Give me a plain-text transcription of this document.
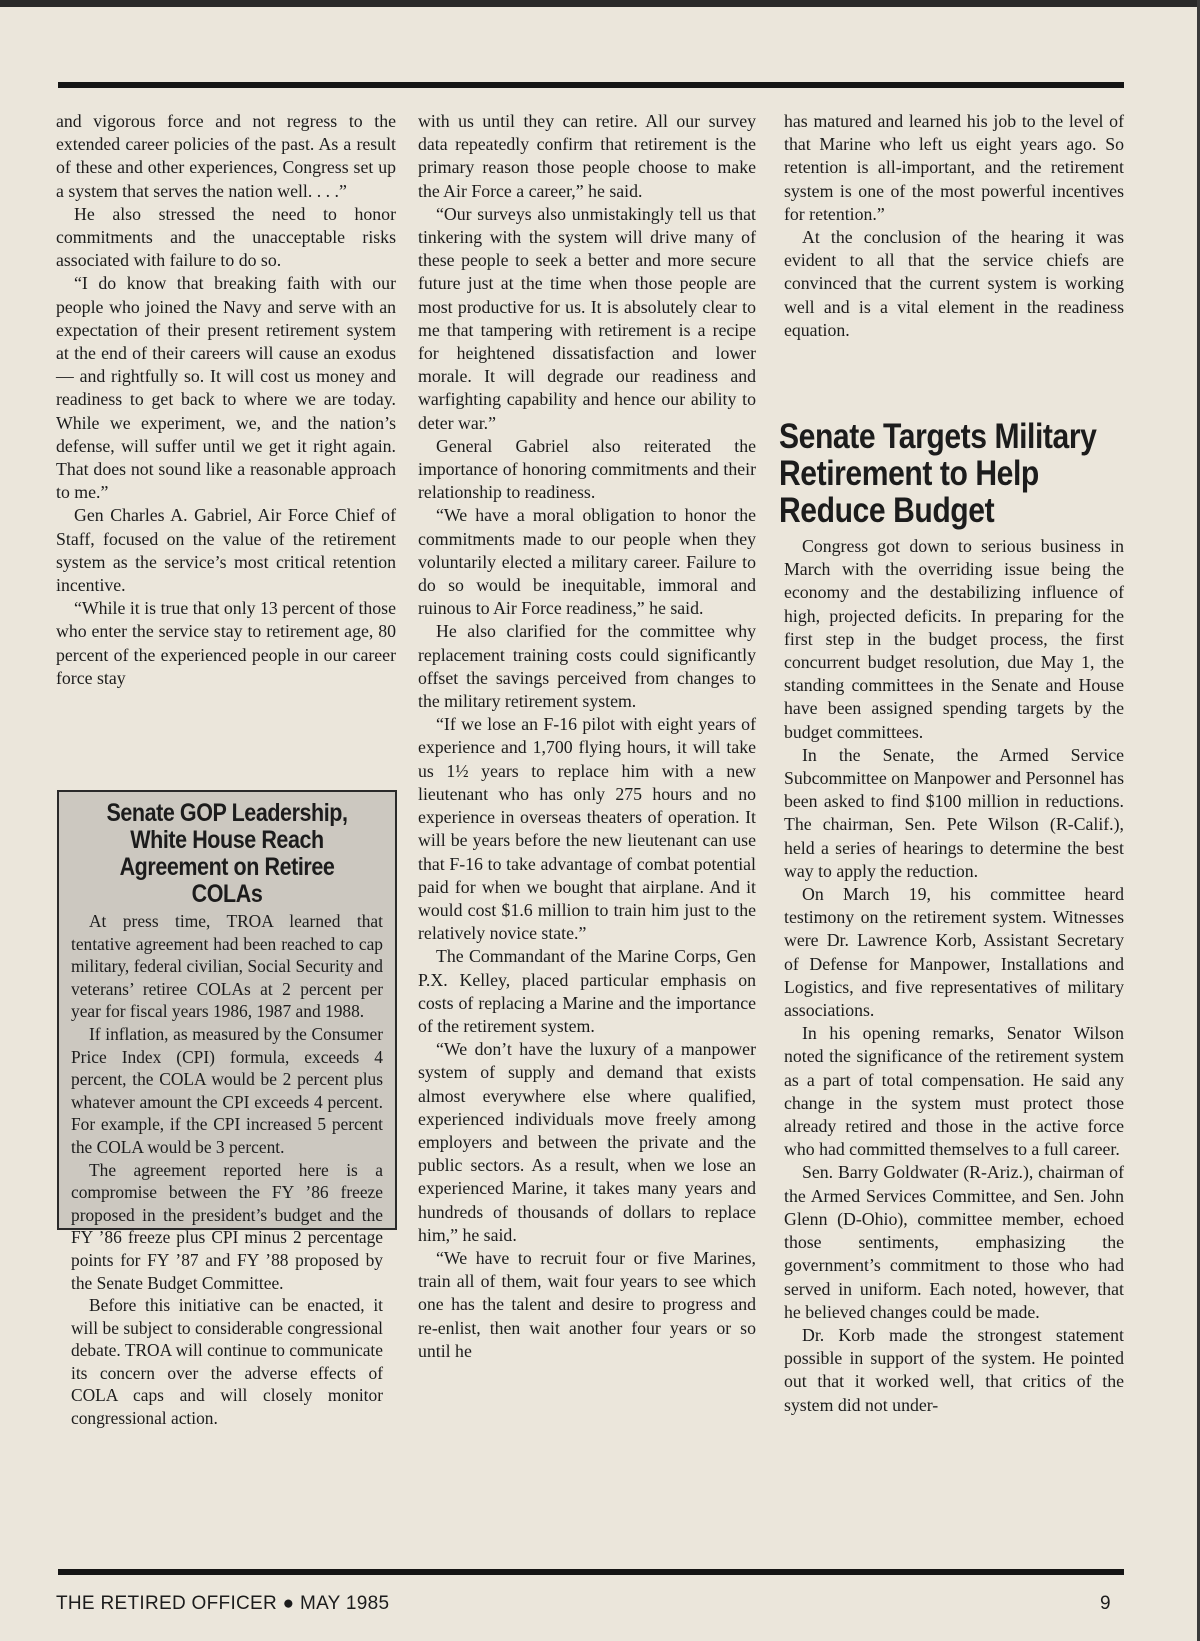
and vigorous force and not regress to the extended career policies of the past. As a result of these and other experiences, Congress set up a system that serves the nation well. . . .”

He also stressed the need to honor commitments and the unacceptable risks associated with failure to do so.

“I do know that breaking faith with our people who joined the Navy and serve with an expectation of their present retirement system at the end of their careers will cause an exodus— and rightfully so. It will cost us money and readiness to get back to where we are today. While we experiment, we, and the nation’s defense, will suffer until we get it right again. That does not sound like a reasonable approach to me.”

Gen Charles A. Gabriel, Air Force Chief of Staff, focused on the value of the retirement system as the service’s most critical retention incentive.

“While it is true that only 13 percent of those who enter the service stay to retirement age, 80 percent of the experienced people in our career force stay

Senate GOP Leadership, White House Reach Agreement on Retiree COLAs

At press time, TROA learned that tentative agreement had been reached to cap military, federal civilian, Social Security and veterans’ retiree COLAs at 2 percent per year for fiscal years 1986, 1987 and 1988.

If inflation, as measured by the Consumer Price Index (CPI) formula, exceeds 4 percent, the COLA would be 2 percent plus whatever amount the CPI exceeds 4 percent. For example, if the CPI increased 5 percent the COLA would be 3 percent.

The agreement reported here is a compromise between the FY ’86 freeze proposed in the president’s budget and the FY ’86 freeze plus CPI minus 2 percentage points for FY ’87 and FY ’88 proposed by the Senate Budget Committee.

Before this initiative can be enacted, it will be subject to considerable congressional debate. TROA will continue to communicate its concern over the adverse effects of COLA caps and will closely monitor congressional action.

with us until they can retire. All our survey data repeatedly confirm that retirement is the primary reason those people choose to make the Air Force a career,” he said.

“Our surveys also unmistakingly tell us that tinkering with the system will drive many of these people to seek a better and more secure future just at the time when those people are most productive for us. It is absolutely clear to me that tampering with retirement is a recipe for heightened dissatisfaction and lower morale. It will degrade our readiness and warfighting capability and hence our ability to deter war.”

General Gabriel also reiterated the importance of honoring commitments and their relationship to readiness.

“We have a moral obligation to honor the commitments made to our people when they voluntarily elected a military career. Failure to do so would be inequitable, immoral and ruinous to Air Force readiness,” he said.

He also clarified for the committee why replacement training costs could significantly offset the savings perceived from changes to the military retirement system.

“If we lose an F-16 pilot with eight years of experience and 1,700 flying hours, it will take us 1½ years to replace him with a new lieutenant who has only 275 hours and no experience in overseas theaters of operation. It will be years before the new lieutenant can use that F-16 to take advantage of combat potential paid for when we bought that airplane. And it would cost $1.6 million to train him just to the relatively novice state.”

The Commandant of the Marine Corps, Gen P.X. Kelley, placed particular emphasis on costs of replacing a Marine and the importance of the retirement system.

“We don’t have the luxury of a manpower system of supply and demand that exists almost everywhere else where qualified, experienced individuals move freely among employers and between the private and the public sectors. As a result, when we lose an experienced Marine, it takes many years and hundreds of thousands of dollars to replace him,” he said.

“We have to recruit four or five Marines, train all of them, wait four years to see which one has the talent and desire to progress and re-enlist, then wait another four years or so until he

has matured and learned his job to the level of that Marine who left us eight years ago. So retention is all-important, and the retirement system is one of the most powerful incentives for retention.”

At the conclusion of the hearing it was evident to all that the service chiefs are convinced that the current system is working well and is a vital element in the readiness equation.

Senate Targets Military Retirement to Help Reduce Budget

Congress got down to serious business in March with the overriding issue being the economy and the destabilizing influence of high, projected deficits. In preparing for the first step in the budget process, the first concurrent budget resolution, due May 1, the standing committees in the Senate and House have been assigned spending targets by the budget committees.

In the Senate, the Armed Service Subcommittee on Manpower and Personnel has been asked to find $100 million in reductions. The chairman, Sen. Pete Wilson (R-Calif.), held a series of hearings to determine the best way to apply the reduction.

On March 19, his committee heard testimony on the retirement system. Witnesses were Dr. Lawrence Korb, Assistant Secretary of Defense for Manpower, Installations and Logistics, and five representatives of military associations.

In his opening remarks, Senator Wilson noted the significance of the retirement system as a part of total compensation. He said any change in the system must protect those already retired and those in the active force who had committed themselves to a full career.

Sen. Barry Goldwater (R-Ariz.), chairman of the Armed Services Committee, and Sen. John Glenn (D-Ohio), committee member, echoed those sentiments, emphasizing the government’s commitment to those who had served in uniform. Each noted, however, that he believed changes could be made.

Dr. Korb made the strongest statement possible in support of the system. He pointed out that it worked well, that critics of the system did not under-

THE RETIRED OFFICER ● MAY 1985	9
